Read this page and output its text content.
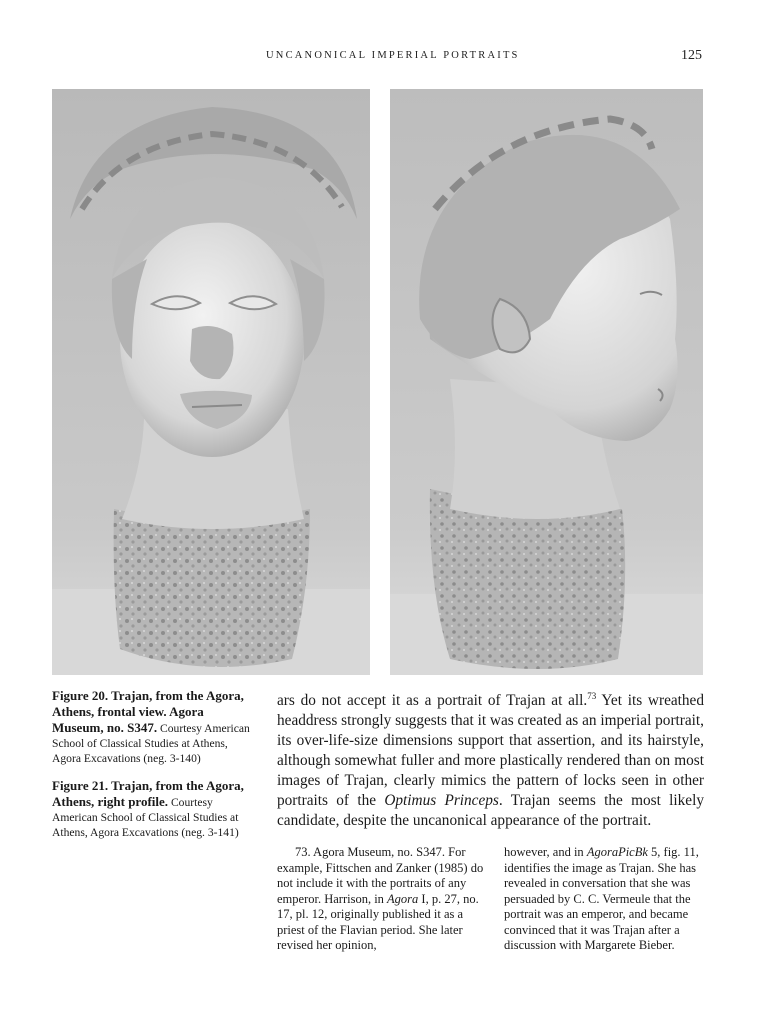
UNCANONICAL IMPERIAL PORTRAITS	125

Figure 20. Trajan, from the Agora, Athens, frontal view. Agora Museum, no. S347. Courtesy American School of Classical Studies at Athens, Agora Excavations (neg. 3-140)

Figure 21. Trajan, from the Agora, Athens, right profile. Courtesy American School of Classical Studies at Athens, Agora Excavations (neg. 3-141)

ars do not accept it as a portrait of Trajan at all.$^{73}$ Yet its wreathed headdress strongly suggests that it was created as an imperial portrait, its over-life-size dimensions support that assertion, and its hairstyle, although somewhat fuller and more plastically rendered than on most images of Trajan, clearly mimics the pattern of locks seen in other portraits of the Optimus Princeps. Trajan seems the most likely candidate, despite the uncanonical appearance of the portrait.

73. Agora Museum, no. S347. For example, Fittschen and Zanker (1985) do not include it with the portraits of any emperor. Harrison, in Agora I, p. 27, no. 17, pl. 12, originally published it as a priest of the Flavian period. She later revised her opinion,

however, and in AgoraPicBk 5, fig. 11, identifies the image as Trajan. She has revealed in conversation that she was persuaded by C. C. Vermeule that the portrait was an emperor, and became convinced that it was Trajan after a discussion with Margarete Bieber.
